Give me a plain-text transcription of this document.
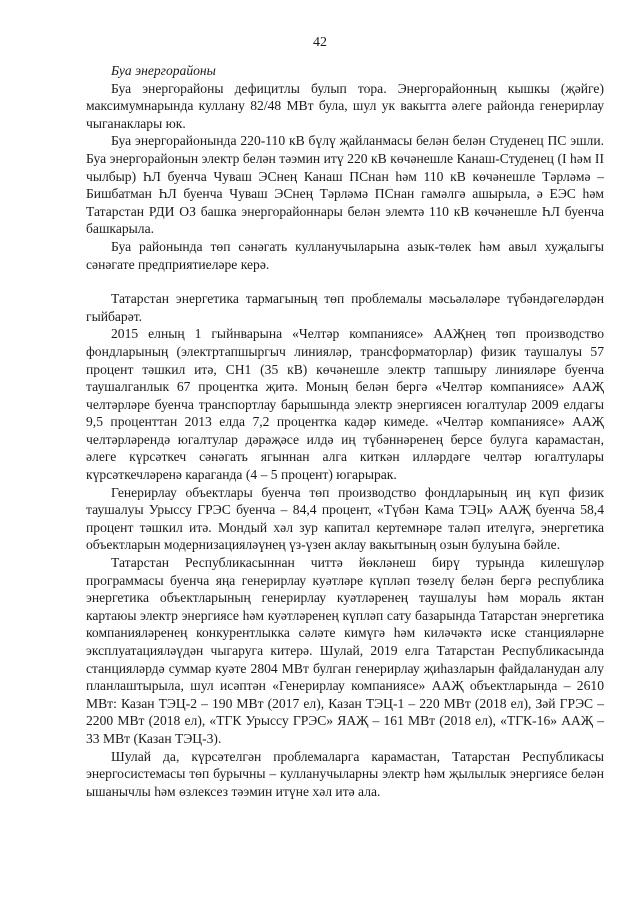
42

Буа энергорайоны

Буа энергорайоны дефицитлы булып тора. Энергорайонның кышкы (җәйге) максимумнарында куллану 82/48 МВт була, шул ук вакытта әлеге районда генерирлау чыганаклары юк.

Буа энергорайонында 220-110 кВ бүлү җайланмасы белән белән Студенец ПС эшли. Буа энергорайонын электр белән тәэмин итү 220 кВ көчәнешле Канаш-Студенец (I һәм II чылбыр) ҺЛ буенча Чуваш ЭСнең Канаш ПСнан һәм 110 кВ көчәнешле Тәрләмә – Бишбатман ҺЛ буенча Чуваш ЭСнең Тәрләмә ПСнан гамәлгә ашырыла, ә ЕЭС һәм Татарстан РДИ ОЗ башка энергорайоннары белән элемтә 110 кВ көчәнешле ҺЛ буенча башкарыла.

Буа районында төп сәнәгать кулланучыларына азык-төлек һәм авыл хуҗалыгы сәнәгате предприятиеләре керә.

Татарстан энергетика тармагының төп проблемалы мәсьәләләре түбәндәгеләрдән гыйбарәт.

2015 елның 1 гыйнварына «Челтәр компаниясе» ААҖнең төп производство фондларының (электртапшыргыч линияләр, трансформаторлар) физик таушалуы 57 процент тәшкил итә, СН1 (35 кВ) көчәнешле электр тапшыру линияләре буенча таушалганлык 67 процентка җитә. Моның белән бергә «Челтәр компаниясе» ААҖ челтәрләре буенча транспортлау барышында электр энергиясен югалтулар 2009 елдагы 9,5 проценттан 2013 елда 7,2 процентка кадәр кимеде. «Челтәр компаниясе» ААҖ челтәрләрендә югалтулар дәрәҗәсе илдә иң түбәннәренең берсе булуга карамастан, әлеге күрсәткеч сәнәгать ягыннан алга киткән илләрдәге челтәр югалтулары күрсәткечләренә караганда (4 – 5 процент) югарырак.

Генерирлау объектлары буенча төп производство фондларының иң күп физик таушалуы Урыссу ГРЭС буенча – 84,4 процент, «Түбән Кама ТЭЦ» ААҖ буенча 58,4 процент тәшкил итә. Мондый хәл зур капитал кертемнәре таләп ителүгә, энергетика объектларын модернизацияләүнең үз-үзен аклау вакытының озын булуына бәйле.

Татарстан Республикасыннан читтә йөкләнеш бирү турында килешүләр программасы буенча яңа генерирлау куәтләре күпләп төзелү белән бергә республика энергетика объектларының генерирлау куәтләренең таушалуы һәм мораль яктан картаюы электр энергиясе һәм куәтләренең күпләп сату базарында Татарстан энергетика компанияләренең конкурентлыкка сәләте кимүгә һәм киләчәктә иске станцияләрне эксплуатацияләүдән чыгаруга китерә. Шулай, 2019 елга Татарстан Республикасында станцияләрдә суммар куәте 2804 МВт булган генерирлау җиһазларын файдаланудан алу планлаштырыла, шул исәптән «Генерирлау компаниясе» ААҖ объектларында – 2610 МВт: Казан ТЭЦ-2 – 190 МВт (2017 ел), Казан ТЭЦ-1 – 220 МВт (2018 ел), Зәй ГРЭС – 2200 МВт (2018 ел), «ТГК Урыссу ГРЭС» ЯАҖ – 161 МВт (2018 ел), «ТГК-16» ААҖ – 33 МВт (Казан ТЭЦ-3).

Шулай да, күрсәтелгән проблемаларга карамастан, Татарстан Республикасы энергосистемасы төп бурычны – кулланучыларны электр һәм җылылык энергиясе белән ышанычлы һәм өзлексез тәэмин итүне хәл итә ала.
